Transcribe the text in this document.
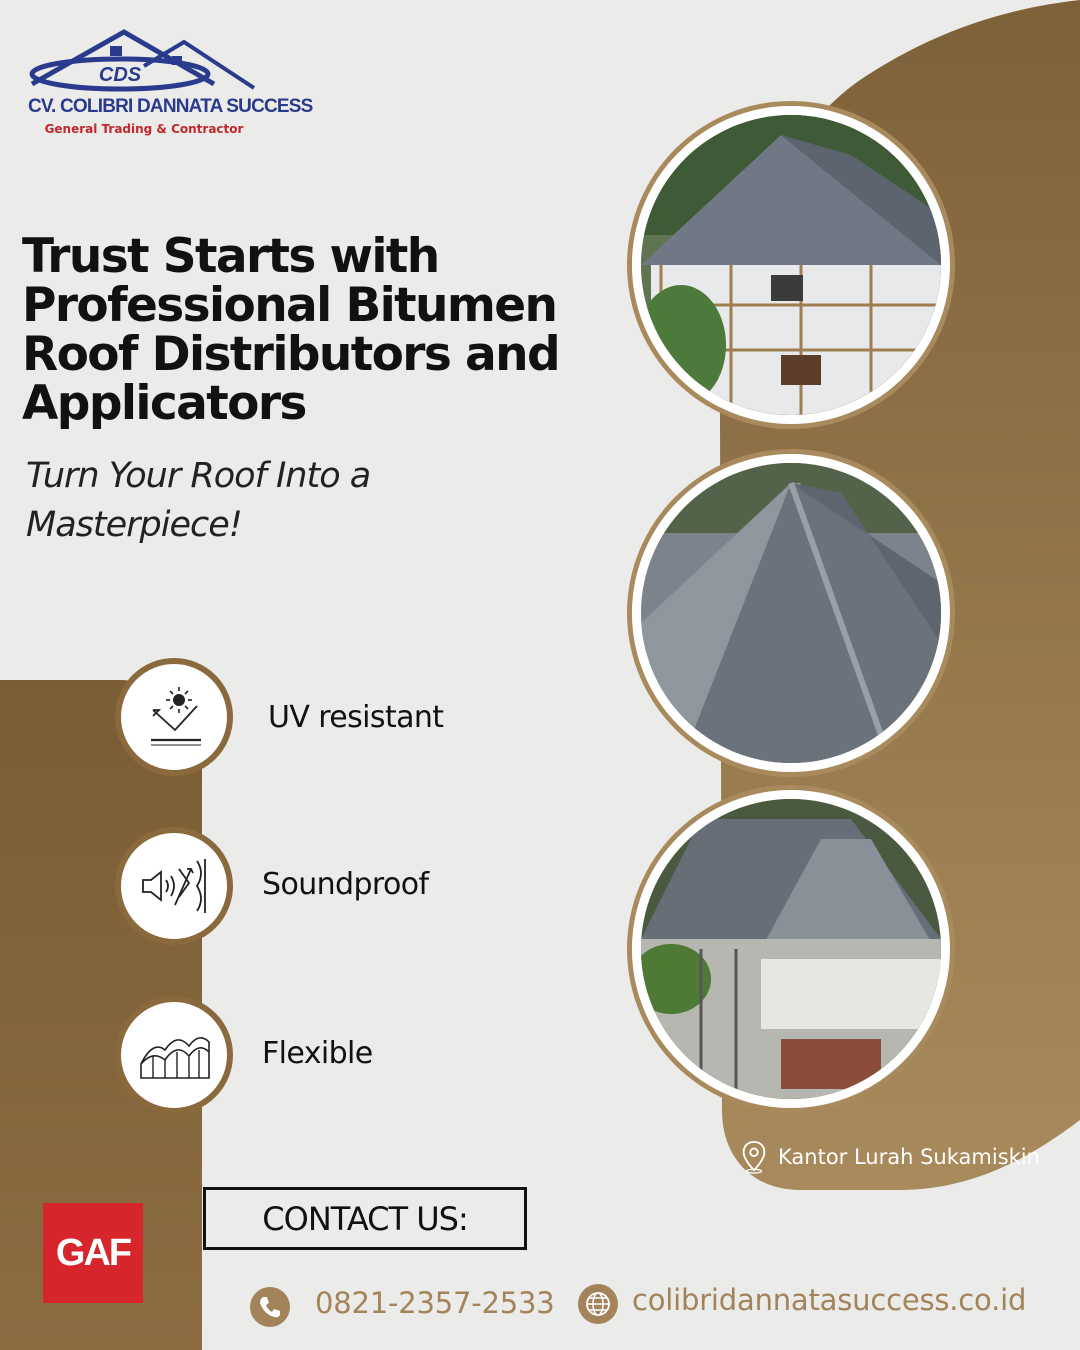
CDS
CV. COLIBRI DANNATA SUCCESS
General Trading & Contractor
Trust Starts with Professional Bitumen Roof Distributors and Applicators
Turn Your Roof Into a Masterpiece!
UV resistant
Soundproof
Flexible
Kantor Lurah Sukamiskin
GAF
CONTACT US:
0821-2357-2533	colibridannatasuccess.co.id
